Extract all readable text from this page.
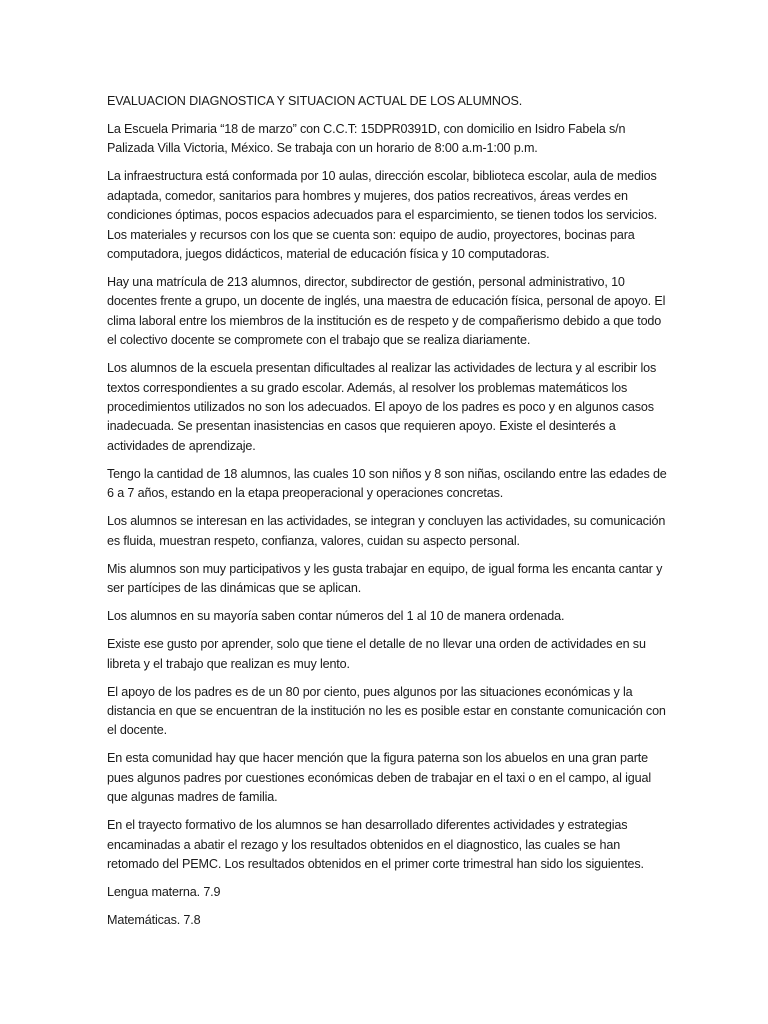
EVALUACION DIAGNOSTICA Y SITUACION ACTUAL DE LOS ALUMNOS.

La Escuela Primaria “18 de marzo” con C.C.T: 15DPR0391D, con domicilio en Isidro Fabela s/n Palizada Villa Victoria, México. Se trabaja con un horario de 8:00 a.m-1:00 p.m.

La infraestructura está conformada por 10 aulas, dirección escolar, biblioteca escolar, aula de medios adaptada, comedor, sanitarios para hombres y mujeres, dos patios recreativos, áreas verdes en condiciones óptimas, pocos espacios adecuados para el esparcimiento, se tienen todos los servicios. Los materiales y recursos con los que se cuenta son: equipo de audio, proyectores, bocinas para computadora, juegos didácticos, material de educación física y 10 computadoras.

Hay una matrícula de 213 alumnos, director, subdirector de gestión, personal administrativo, 10 docentes frente a grupo, un docente de inglés, una maestra de educación física, personal de apoyo. El clima laboral entre los miembros de la institución es de respeto y de compañerismo debido a que todo el colectivo docente se compromete con el trabajo que se realiza diariamente.

Los alumnos de la escuela presentan dificultades al realizar las actividades de lectura y al escribir los textos correspondientes a su grado escolar. Además, al resolver los problemas matemáticos los procedimientos utilizados no son los adecuados. El apoyo de los padres es poco y en algunos casos inadecuada. Se presentan inasistencias en casos que requieren apoyo. Existe el desinterés a actividades de aprendizaje.

Tengo la cantidad de 18 alumnos, las cuales 10 son niños y 8 son niñas, oscilando entre las edades de 6 a 7 años, estando en la etapa preoperacional y operaciones concretas.

Los alumnos se interesan en las actividades, se integran y concluyen las actividades, su comunicación es fluida, muestran respeto, confianza, valores, cuidan su aspecto personal.

Mis alumnos son muy participativos y les gusta trabajar en equipo, de igual forma les encanta cantar y ser partícipes de las dinámicas que se aplican.

Los alumnos en su mayoría saben contar números del 1 al 10 de manera ordenada.

Existe ese gusto por aprender, solo que tiene el detalle de no llevar una orden de actividades en su libreta y el trabajo que realizan es muy lento.

El apoyo de los padres es de un 80 por ciento, pues algunos por las situaciones económicas y la distancia en que se encuentran de la institución no les es posible estar en constante comunicación con el docente.

En esta comunidad hay que hacer mención que la figura paterna son los abuelos en una gran parte pues algunos padres por cuestiones económicas deben de trabajar en el taxi o en el campo, al igual que algunas madres de familia.

En el trayecto formativo de los alumnos se han desarrollado diferentes actividades y estrategias encaminadas a abatir el rezago y los resultados obtenidos en el diagnostico, las cuales se han retomado del PEMC. Los resultados obtenidos en el primer corte trimestral han sido los siguientes.

Lengua materna. 7.9

Matemáticas. 7.8
